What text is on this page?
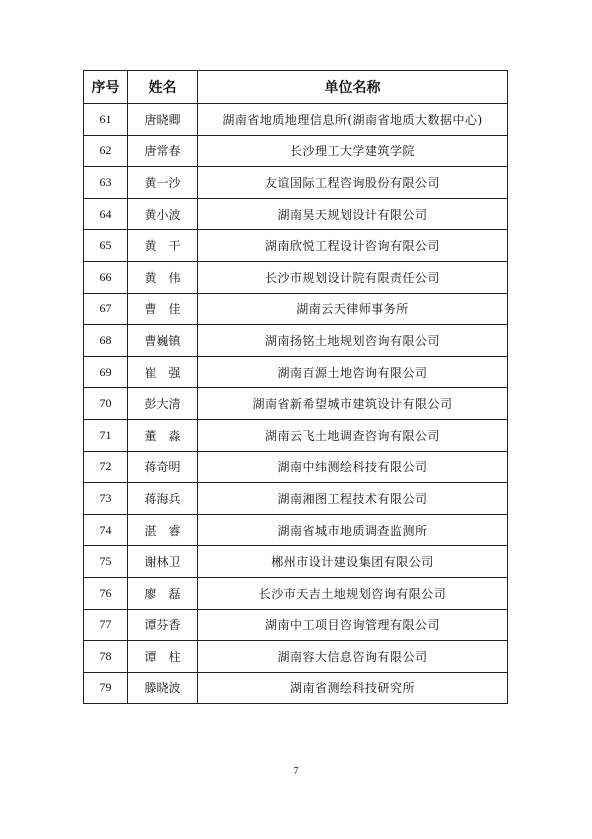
序号	姓名	单位名称
61	唐晓卿	湖南省地质地理信息所(湖南省地质大数据中心)
62	唐常春	长沙理工大学建筑学院
63	黄一沙	友谊国际工程咨询股份有限公司
64	黄小波	湖南昊天规划设计有限公司
65	黄　干	湖南欣悦工程设计咨询有限公司
66	黄　伟	长沙市规划设计院有限责任公司
67	曹　佳	湖南云天律师事务所
68	曹巍镇	湖南扬铭土地规划咨询有限公司
69	崔　强	湖南百源土地咨询有限公司
70	彭大清	湖南省新希望城市建筑设计有限公司
71	董　淼	湖南云飞土地调查咨询有限公司
72	蒋奇明	湖南中纬测绘科技有限公司
73	蒋海兵	湖南湘图工程技术有限公司
74	湛　睿	湖南省城市地质调查监测所
75	谢林卫	郴州市设计建设集团有限公司
76	廖　磊	长沙市天吉土地规划咨询有限公司
77	谭芬香	湖南中工项目咨询管理有限公司
78	谭　柱	湖南容大信息咨询有限公司
79	滕晓波	湖南省测绘科技研究所
7
